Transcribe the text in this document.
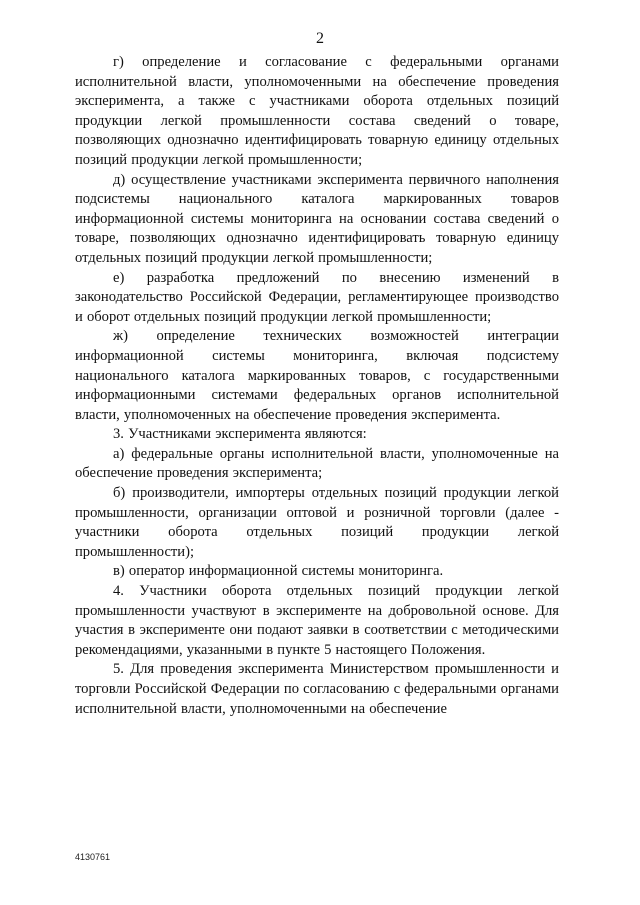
2

г) определение и согласование с федеральными органами исполнительной власти, уполномоченными на обеспечение проведения эксперимента, а также с участниками оборота отдельных позиций продукции легкой промышленности состава сведений о товаре, позволяющих однозначно идентифицировать товарную единицу отдельных позиций продукции легкой промышленности;

д) осуществление участниками эксперимента первичного наполнения подсистемы национального каталога маркированных товаров информационной системы мониторинга на основании состава сведений о товаре, позволяющих однозначно идентифицировать товарную единицу отдельных позиций продукции легкой промышленности;

е) разработка предложений по внесению изменений в законодательство Российской Федерации, регламентирующее производство и оборот отдельных позиций продукции легкой промышленности;

ж) определение технических возможностей интеграции информационной системы мониторинга, включая подсистему национального каталога маркированных товаров, с государственными информационными системами федеральных органов исполнительной власти, уполномоченных на обеспечение проведения эксперимента.

3. Участниками эксперимента являются:

а) федеральные органы исполнительной власти, уполномоченные на обеспечение проведения эксперимента;

б) производители, импортеры отдельных позиций продукции легкой промышленности, организации оптовой и розничной торговли (далее - участники оборота отдельных позиций продукции легкой промышленности);

в) оператор информационной системы мониторинга.

4. Участники оборота отдельных позиций продукции легкой промышленности участвуют в эксперименте на добровольной основе. Для участия в эксперименте они подают заявки в соответствии с методическими рекомендациями, указанными в пункте 5 настоящего Положения.

5. Для проведения эксперимента Министерством промышленности и торговли Российской Федерации по согласованию с федеральными органами исполнительной власти, уполномоченными на обеспечение

4130761
